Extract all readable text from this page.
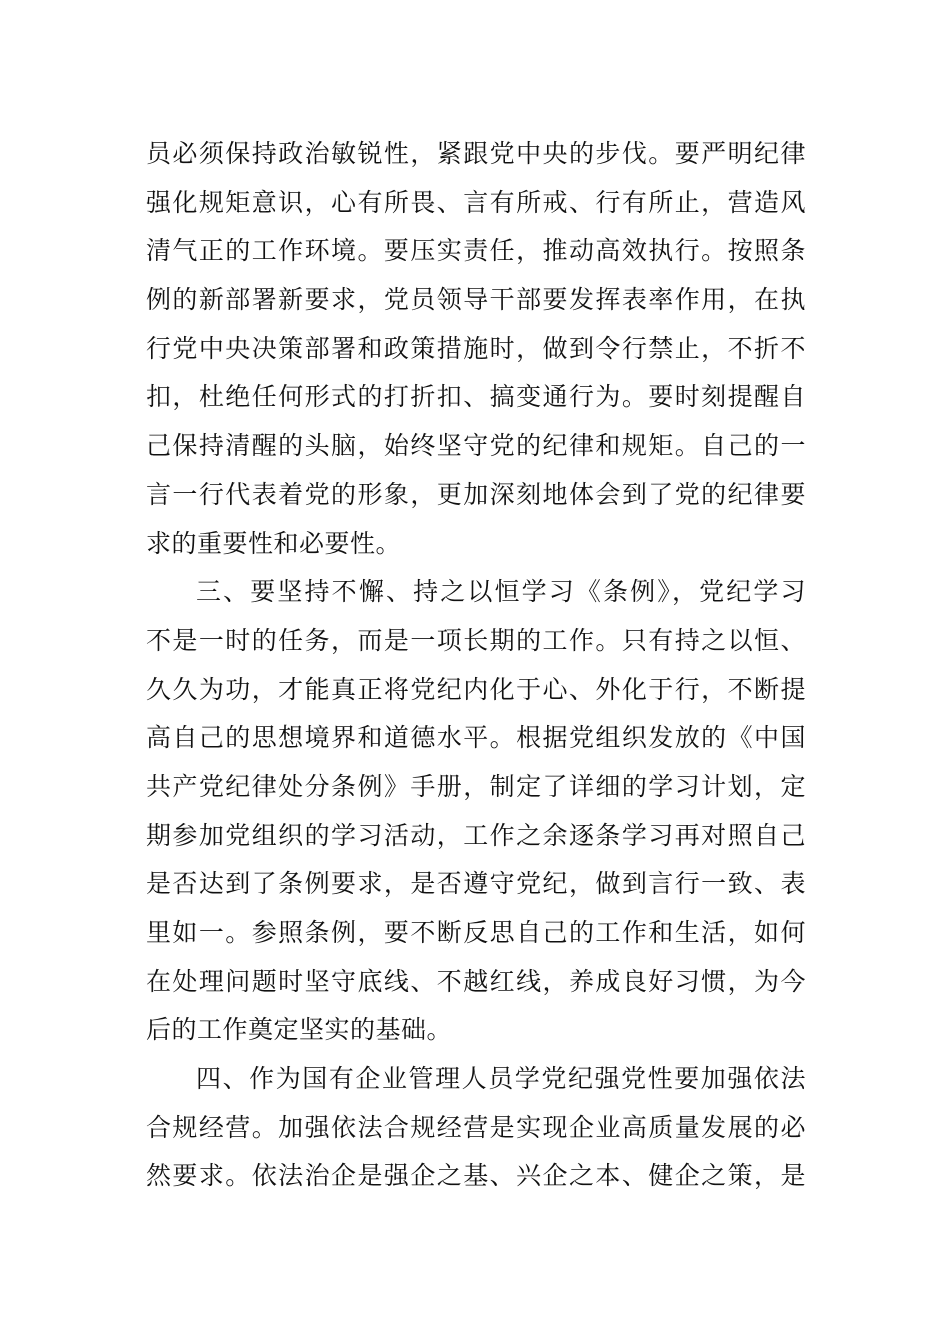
员必须保持政治敏锐性，紧跟党中央的步伐。要严明纪律
强化规矩意识，心有所畏、言有所戒、行有所止，营造风
清气正的工作环境。要压实责任，推动高效执行。按照条
例的新部署新要求，党员领导干部要发挥表率作用，在执
行党中央决策部署和政策措施时，做到令行禁止，不折不
扣，杜绝任何形式的打折扣、搞变通行为。要时刻提醒自
己保持清醒的头脑，始终坚守党的纪律和规矩。自己的一
言一行代表着党的形象，更加深刻地体会到了党的纪律要
求的重要性和必要性。
三、要坚持不懈、持之以恒学习《条例》，党纪学习
不是一时的任务，而是一项长期的工作。只有持之以恒、
久久为功，才能真正将党纪内化于心、外化于行，不断提
高自己的思想境界和道德水平。根据党组织发放的《中国
共产党纪律处分条例》手册，制定了详细的学习计划，定
期参加党组织的学习活动，工作之余逐条学习再对照自己
是否达到了条例要求，是否遵守党纪，做到言行一致、表
里如一。参照条例，要不断反思自己的工作和生活，如何
在处理问题时坚守底线、不越红线，养成良好习惯，为今
后的工作奠定坚实的基础。
四、作为国有企业管理人员学党纪强党性要加强依法
合规经营。加强依法合规经营是实现企业高质量发展的必
然要求。依法治企是强企之基、兴企之本、健企之策，是
